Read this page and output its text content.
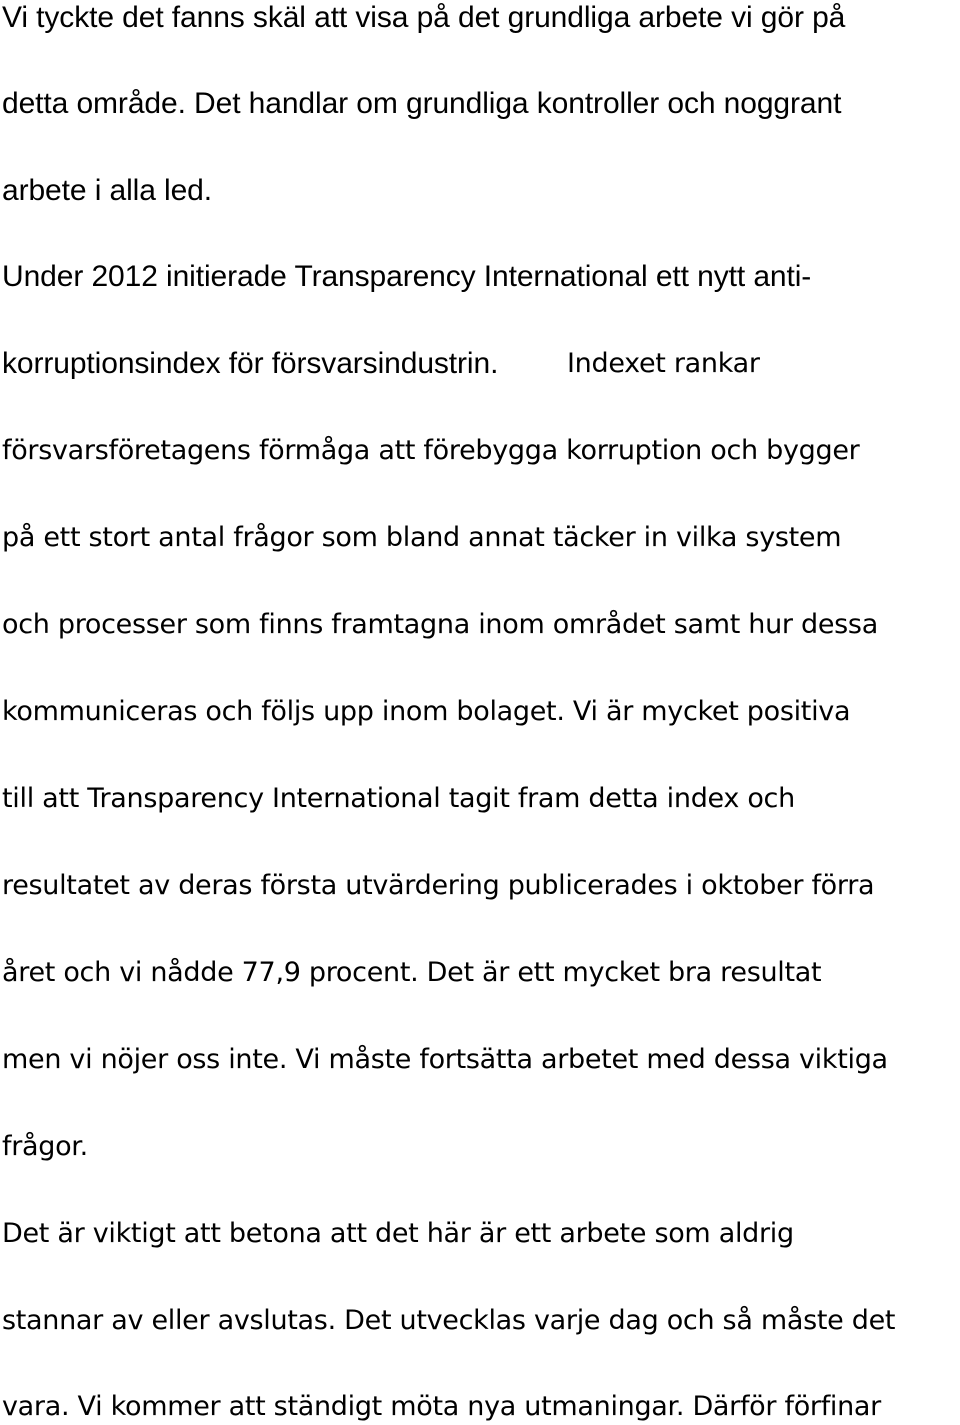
Vi tyckte det fanns skäl att visa på det grundliga arbete vi gör på
detta område. Det handlar om grundliga kontroller och noggrant
arbete i alla led.
Under 2012 initierade Transparency International ett nytt anti-
korruptionsindex för försvarsindustrin.	Indexet rankar
försvarsföretagens förmåga att förebygga korruption och bygger
på ett stort antal frågor som bland annat täcker in vilka system
och processer som finns framtagna inom området samt hur dessa
kommuniceras och följs upp inom bolaget. Vi är mycket positiva
till att Transparency International tagit fram detta index och
resultatet av deras första utvärdering publicerades i oktober förra
året och vi nådde 77,9 procent. Det är ett mycket bra resultat
men vi nöjer oss inte. Vi måste fortsätta arbetet med dessa viktiga
frågor.
Det är viktigt att betona att det här är ett arbete som aldrig
stannar av eller avslutas. Det utvecklas varje dag och så måste det
vara. Vi kommer att ständigt möta nya utmaningar. Därför förfinar
